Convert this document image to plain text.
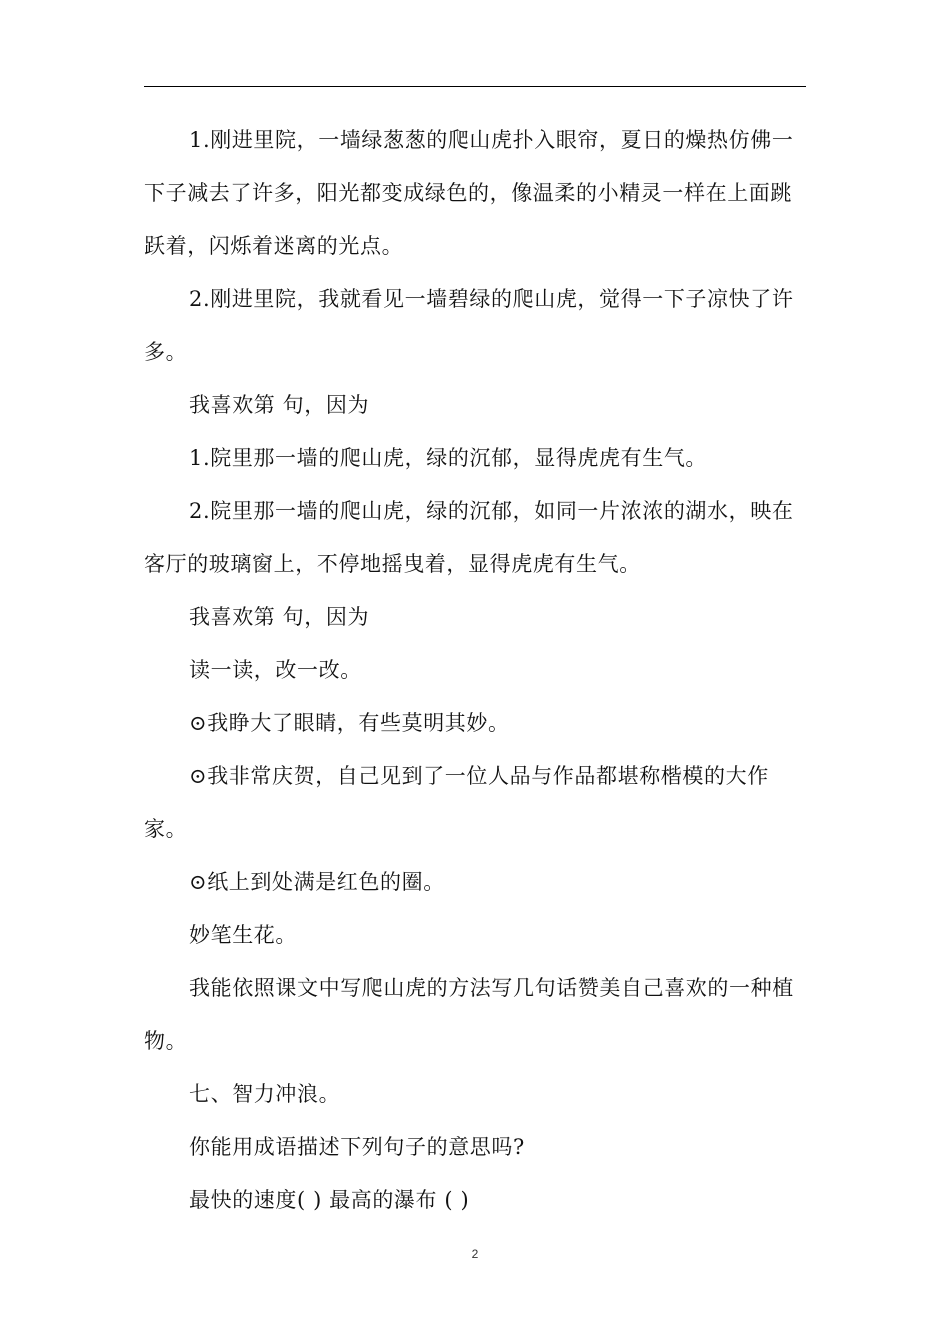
1.刚进里院，一墙绿葱葱的爬山虎扑入眼帘，夏日的燥热仿佛一下子减去了许多，阳光都变成绿色的，像温柔的小精灵一样在上面跳跃着，闪烁着迷离的光点。

2.刚进里院，我就看见一墙碧绿的爬山虎，觉得一下子凉快了许多。

我喜欢第 句，因为

1.院里那一墙的爬山虎，绿的沉郁，显得虎虎有生气。

2.院里那一墙的爬山虎，绿的沉郁，如同一片浓浓的湖水，映在客厅的玻璃窗上，不停地摇曳着，显得虎虎有生气。

我喜欢第 句，因为

读一读，改一改。

⊙我睁大了眼睛，有些莫明其妙。

⊙我非常庆贺，自己见到了一位人品与作品都堪称楷模的大作家。

⊙纸上到处满是红色的圈。

妙笔生花。

我能依照课文中写爬山虎的方法写几句话赞美自己喜欢的一种植物。

七、智力冲浪。

你能用成语描述下列句子的意思吗?

最快的速度( ) 最高的瀑布 ( )

2
